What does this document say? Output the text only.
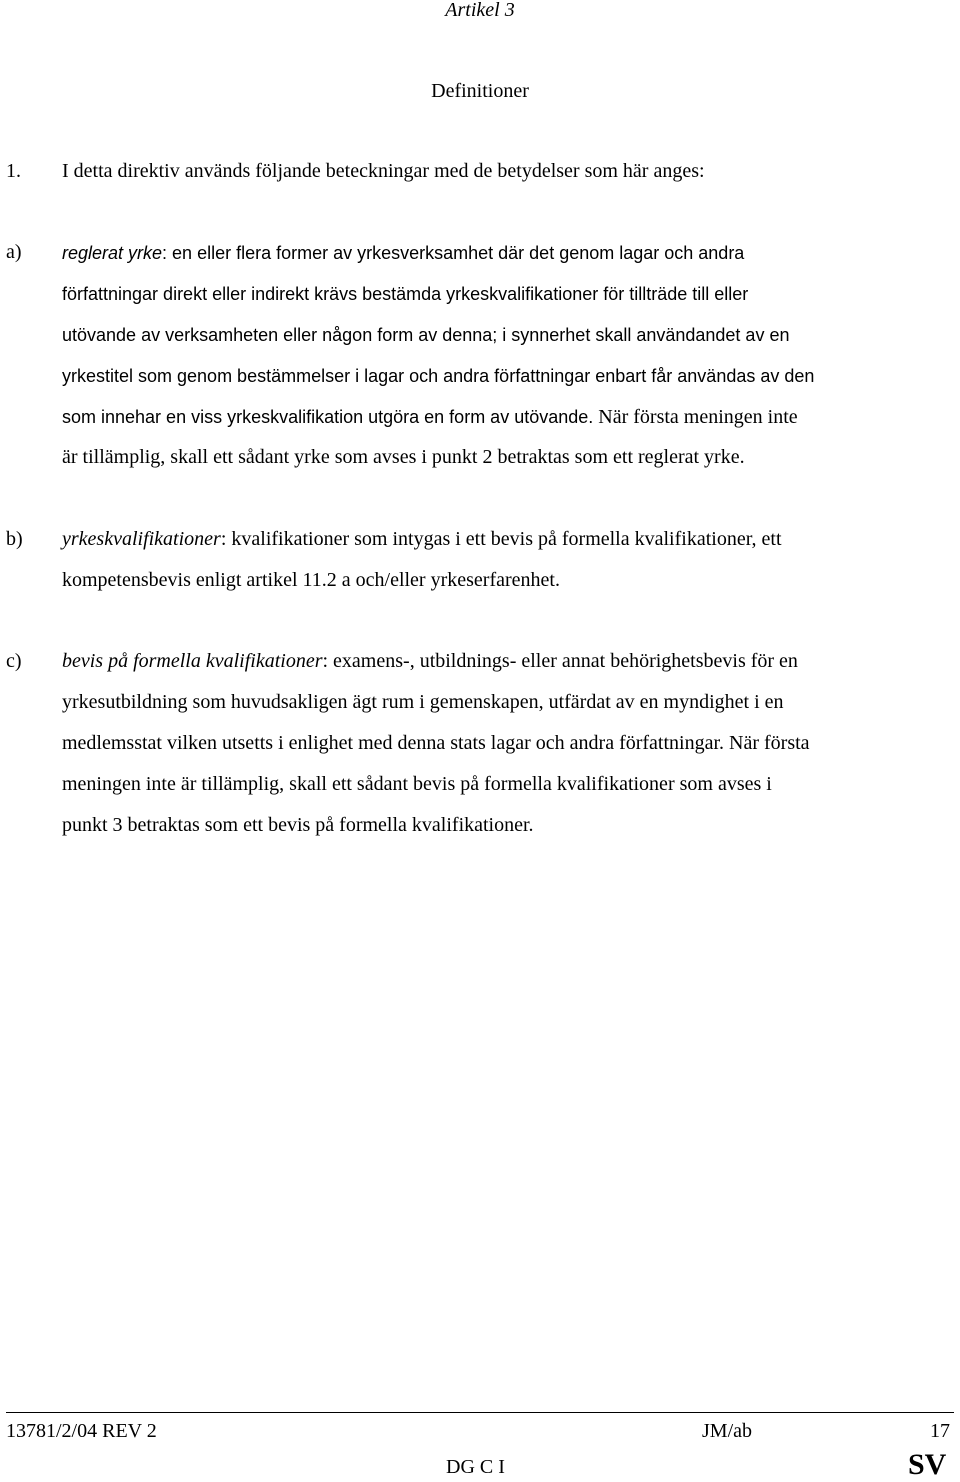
Artikel 3
Definitioner
1. I detta direktiv används följande beteckningar med de betydelser som här anges:
a) reglerat yrke: en eller flera former av yrkesverksamhet där det genom lagar och andra
författningar direkt eller indirekt krävs bestämda yrkeskvalifikationer för tillträde till eller
utövande av verksamheten eller någon form av denna; i synnerhet skall användandet av en
yrkestitel som genom bestämmelser i lagar och andra författningar enbart får användas av den
som innehar en viss yrkeskvalifikation utgöra en form av utövande. När första meningen inte
är tillämplig, skall ett sådant yrke som avses i punkt 2 betraktas som ett reglerat yrke.
b) yrkeskvalifikationer: kvalifikationer som intygas i ett bevis på formella kvalifikationer, ett
kompetensbevis enligt artikel 11.2 a och/eller yrkeserfarenhet.
c) bevis på formella kvalifikationer: examens-, utbildnings- eller annat behörighetsbevis för en
yrkesutbildning som huvudsakligen ägt rum i gemenskapen, utfärdat av en myndighet i en
medlemsstat vilken utsetts i enlighet med denna stats lagar och andra författningar. När första
meningen inte är tillämplig, skall ett sådant bevis på formella kvalifikationer som avses i
punkt 3 betraktas som ett bevis på formella kvalifikationer.
13781/2/04 REV 2	JM/ab	17
DG C I	SV
